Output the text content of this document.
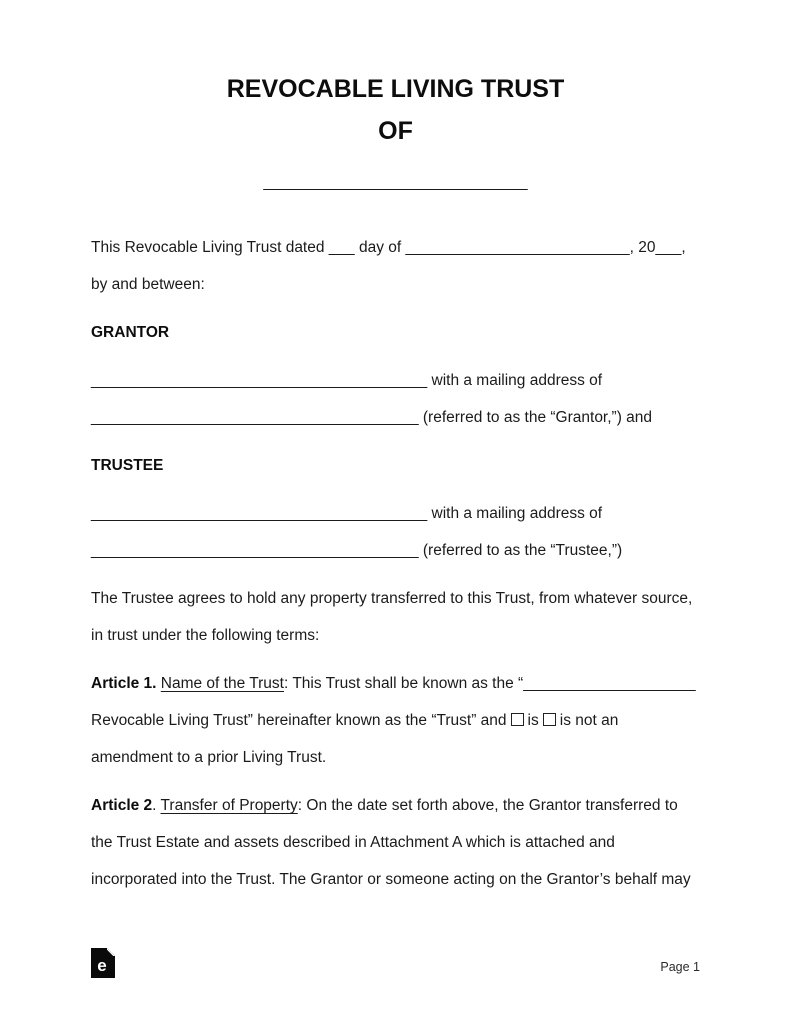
REVOCABLE LIVING TRUST
OF
___________________

This Revocable Living Trust dated ___ day of __________________________, 20___,
by and between:

GRANTOR

_______________________________________ with a mailing address of
______________________________________ (referred to as the “Grantor,”) and

TRUSTEE

_______________________________________ with a mailing address of
______________________________________ (referred to as the “Trustee,”)

The Trustee agrees to hold any property transferred to this Trust, from whatever source,
in trust under the following terms:

Article 1. Name of the Trust: This Trust shall be known as the “____________________
Revocable Living Trust” hereinafter known as the “Trust” and is is not an
amendment to a prior Living Trust.

Article 2. Transfer of Property: On the date set forth above, the Grantor transferred to
the Trust Estate and assets described in Attachment A which is attached and
incorporated into the Trust. The Grantor or someone acting on the Grantor’s behalf may

e	Page 1
